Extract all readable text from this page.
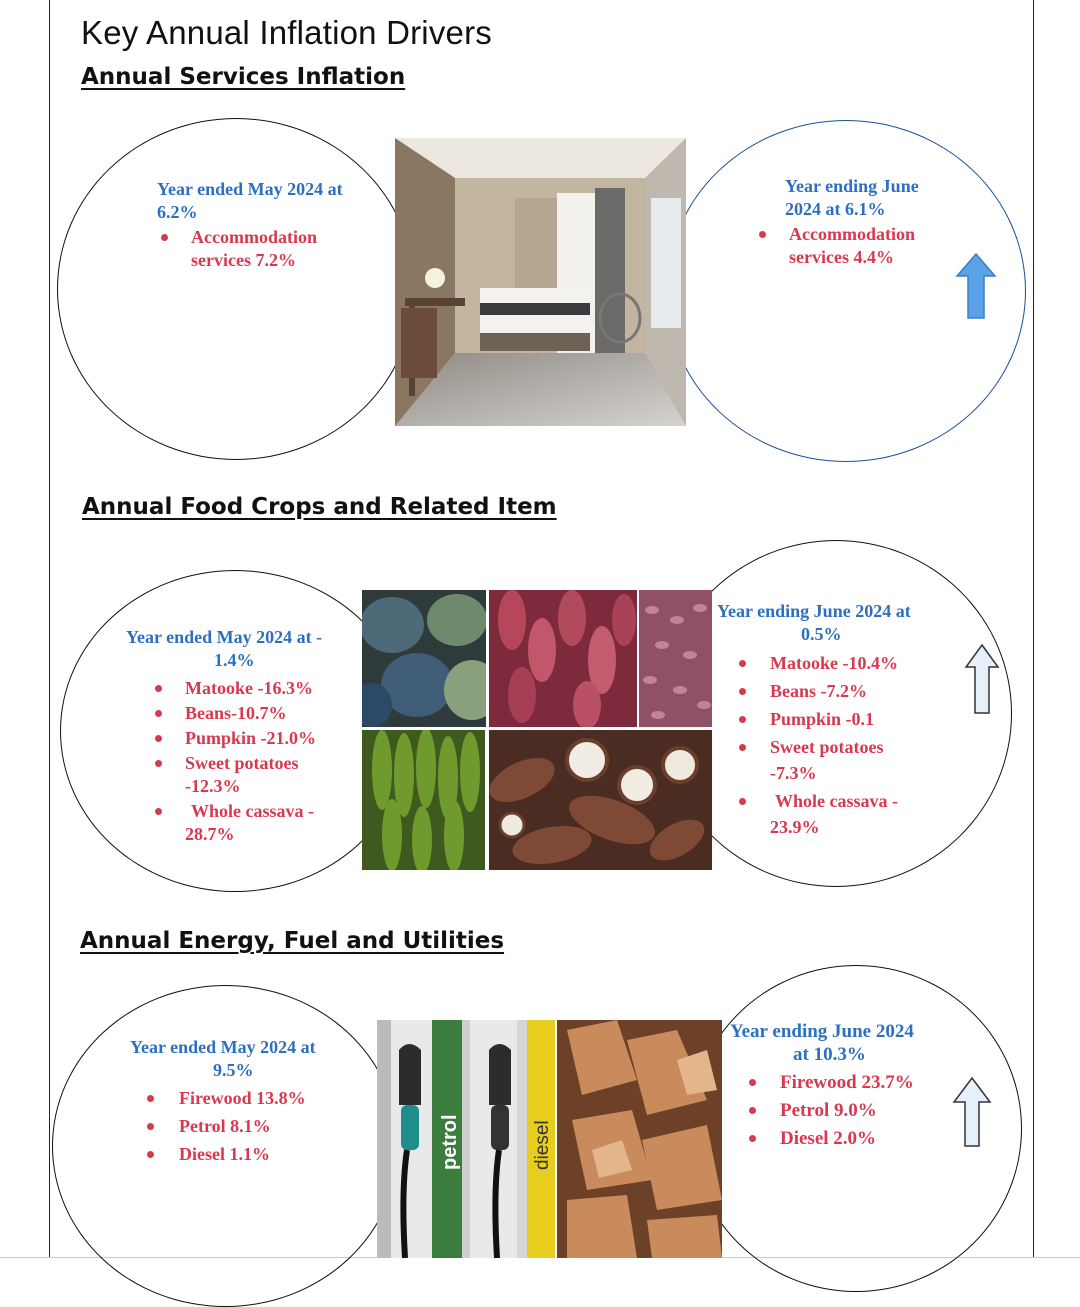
Key Annual Inflation Drivers
Annual Services Inflation
Year ended May 2024 at 6.2%
Accommodation services 7.2%
Year ending June 2024 at 6.1%
Accommodation services 4.4%
Annual Food Crops and Related Item
Year ended May 2024 at -
1.4%
Matooke -16.3%
Beans-10.7%
Pumpkin -21.0%
Sweet potatoes
-12.3%
Whole cassava -
28.7%
Year ending June 2024 at
0.5%
Matooke -10.4%
Beans -7.2%
Pumpkin -0.1
Sweet potatoes
-7.3%
Whole cassava -
23.9%
Annual Energy, Fuel and Utilities
petrol	diesel
Year ended May 2024 at
9.5%
Firewood 13.8%
Petrol 8.1%
Diesel 1.1%
Year ending June 2024
at 10.3%
Firewood 23.7%
Petrol 9.0%
Diesel 2.0%
